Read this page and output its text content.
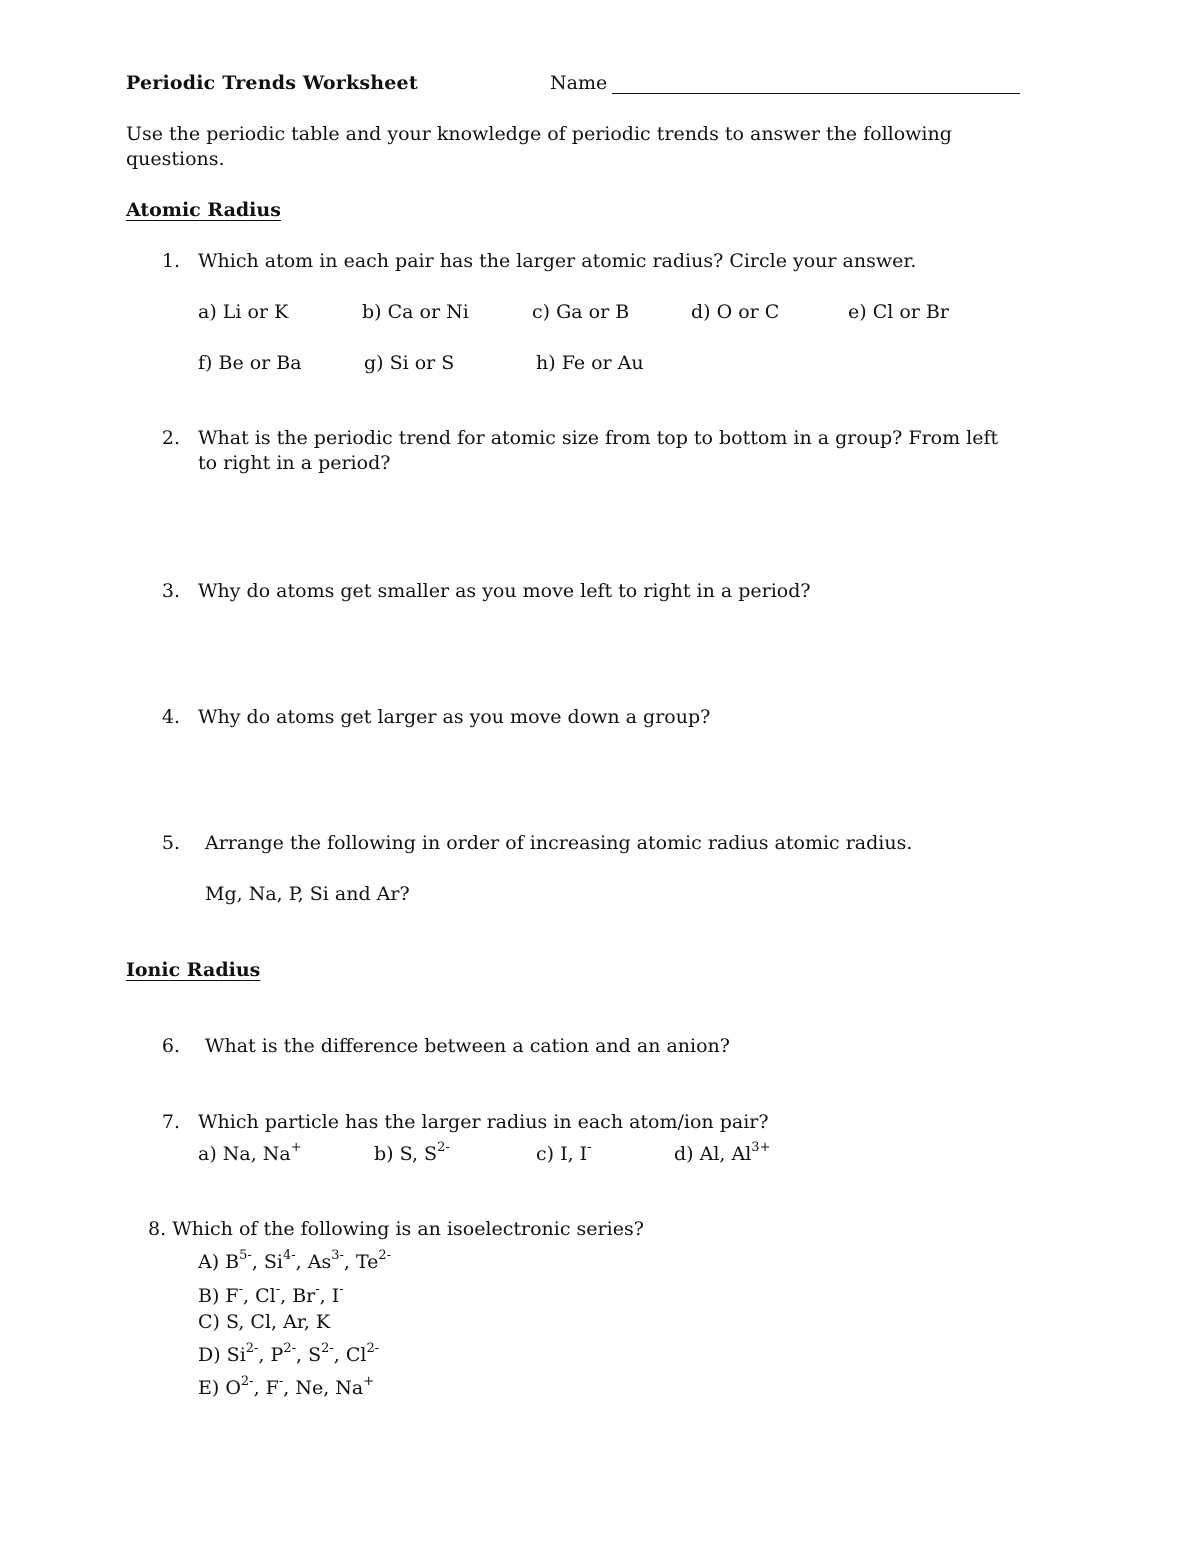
Periodic Trends Worksheet	Name
Use the periodic table and your knowledge of periodic trends to answer the following
questions.
Atomic Radius
1. Which atom in each pair has the larger atomic radius? Circle your answer.
a) Li or K	b) Ca or Ni	c) Ga or B	d) O or C	e) Cl or Br
f) Be or Ba	g) Si or S	h) Fe or Au
2. What is the periodic trend for atomic size from top to bottom in a group? From left
to right in a period?
3. Why do atoms get smaller as you move left to right in a period?
4. Why do atoms get larger as you move down a group?
5. Arrange the following in order of increasing atomic radius atomic radius.
Mg, Na, P, Si and Ar?
Ionic Radius
6. What is the difference between a cation and an anion?
7. Which particle has the larger radius in each atom/ion pair?
a) Na, Na+	b) S, $S^{2-}$	c) I, I-	d) Al, $Al^{3+}$
8. Which of the following is an isoelectronic series?
A) $B^{5-}$, $Si^{4-}$, $As^{3-}$, $Te^{2-}$
B) F-, Cl-, Br-, I-
C) S, Cl, Ar, K
D) $Si^{2-}$, $P^{2-}$, $S^{2-}$, $Cl^{2-}$
E) $O^{2-}$, F-, Ne, Na+
